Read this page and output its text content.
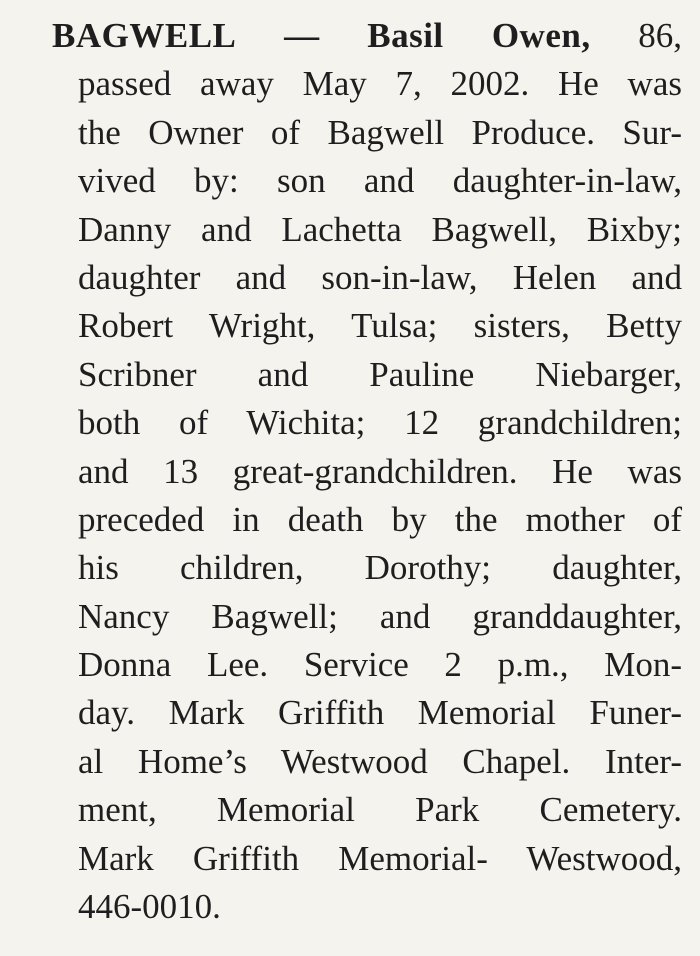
BAGWELL — Basil Owen, 86,
passed away May 7, 2002. He was
the Owner of Bagwell Produce. Sur-
vived by: son and daughter-in-law,
Danny and Lachetta Bagwell, Bixby;
daughter and son-in-law, Helen and
Robert Wright, Tulsa; sisters, Betty
Scribner and Pauline Niebarger,
both of Wichita; 12 grandchildren;
and 13 great-grandchildren. He was
preceded in death by the mother of
his children, Dorothy; daughter,
Nancy Bagwell; and granddaughter,
Donna Lee. Service 2 p.m., Mon-
day. Mark Griffith Memorial Funer-
al Home’s Westwood Chapel. Inter-
ment, Memorial Park Cemetery.
Mark Griffith Memorial- Westwood,
446-0010.
